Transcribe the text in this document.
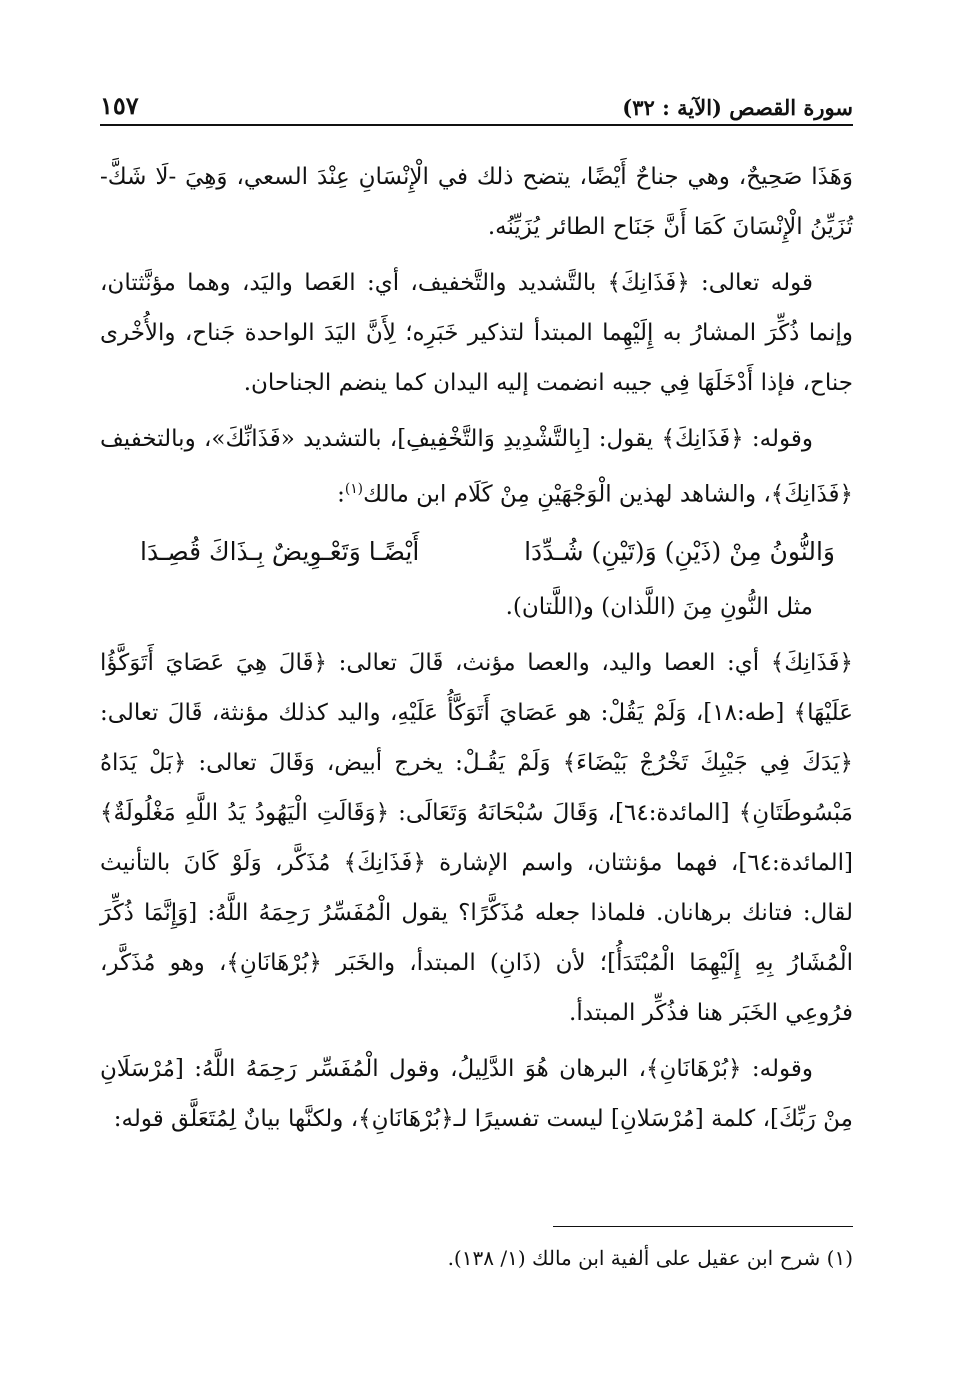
سورة القصص (الآية : ٣٢)
١٥٧

وَهَذَا صَحِيحٌ، وهي جناحٌ أَيْضًا، يتضح ذلك في الْإِنْسَانِ عِنْدَ السعي، وَهِيَ -لَا شَكَّ- تُزَيِّنُ الْإِنْسَانَ كَمَا أَنَّ جَنَاح الطائر يُزَيِّنُه.

قوله تعالى: ﴿فَذَانِكَ﴾ بالتَّشديد والتَّخفيف، أي: العَصا واليَد، وهما مؤنَّثتان، وإنما ذُكِّرَ المشارُ به إِلَيْهِما المبتدأ لتذكير خَبَرِه؛ لِأَنَّ اليَدَ الواحدة جَناح، والأُخْرى جناح، فإذا أَدْخَلَهَا فِي جيبه انضمت إليه اليدان كما ينضم الجناحان.

وقوله: ﴿فَذَانِكَ﴾ يقول: [بِالتَّشْدِيدِ وَالتَّخْفِيفِ]، بالتشديد «فَذَانِّكَ»، وبالتخفيف ﴿فَذَانِكَ﴾، والشاهد لهذين الْوَجْهَيْنِ مِنْ كَلَام ابن مالك$^{(١)}$:

وَالنُّونُ مِنْ (ذَيْنِ) وَ(تَيْنِ) شُـدِّدَا
أَيْضًـا وَتَعْـوِيضٌ بِـذَاكَ قُصِـدَا

مثل النُّونِ مِنَ (اللَّذان) و(اللَّتان).

﴿فَذَانِكَ﴾ أي: العصا واليد، والعصا مؤنث، قَالَ تعالى: ﴿قَالَ هِيَ عَصَايَ أَتَوَكَّؤُا عَلَيْهَا﴾ [طه:١٨]، وَلَمْ يَقُلْ: هو عَصَايَ أَتَوَكَّأُ عَلَيْهِ، واليد كذلك مؤنثة، قَالَ تعالى: ﴿يَدَكَ فِي جَيْبِكَ تَخْرُجْ بَيْضَاءَ﴾ وَلَمْ يَقُـلْ: يخرج أبيض، وَقَالَ تعالى: ﴿بَلْ يَدَاهُ مَبْسُوطَتَانِ﴾ [المائدة:٦٤]، وَقَالَ سُبْحَانَهُ وَتَعَالَى: ﴿وَقَالَتِ الْيَهُودُ يَدُ اللَّهِ مَغْلُولَةٌ﴾ [المائدة:٦٤]، فهما مؤنثتان، واسم الإشارة ﴿فَذَانِكَ﴾ مُذَكَّر، وَلَوْ كَانَ بالتأنيث لقال: فتانك برهانان. فلماذا جعله مُذَكَّرًا؟ يقول الْمُفَسِّرُ رَحِمَهُ اللَّهُ: [وَإِنَّمَا ذُكِّرَ الْمُشَارُ بِهِ إِلَيْهِمَا الْمُبْتَدَأُ]؛ لأن (ذَانِ) المبتدأ، والخَبَر ﴿بُرْهَانَانِ﴾، وهو مُذَكَّر، فرُوعِي الخَبَر هنا فذُكِّر المبتدأ.

وقوله: ﴿بُرْهَانَانِ﴾، البرهان هُوَ الدَّلِيلُ، وقول الْمُفَسِّر رَحِمَهُ اللَّهُ: [مُرْسَلَانِ مِنْ رَبِّكَ]، كلمة [مُرْسَلانِ] ليست تفسيرًا لـ﴿بُرْهَانَانِ﴾، ولكنَّها بيانٌ لِمُتَعَلَّق قوله:

(١) شرح ابن عقيل على ألفية ابن مالك (١/ ١٣٨).
